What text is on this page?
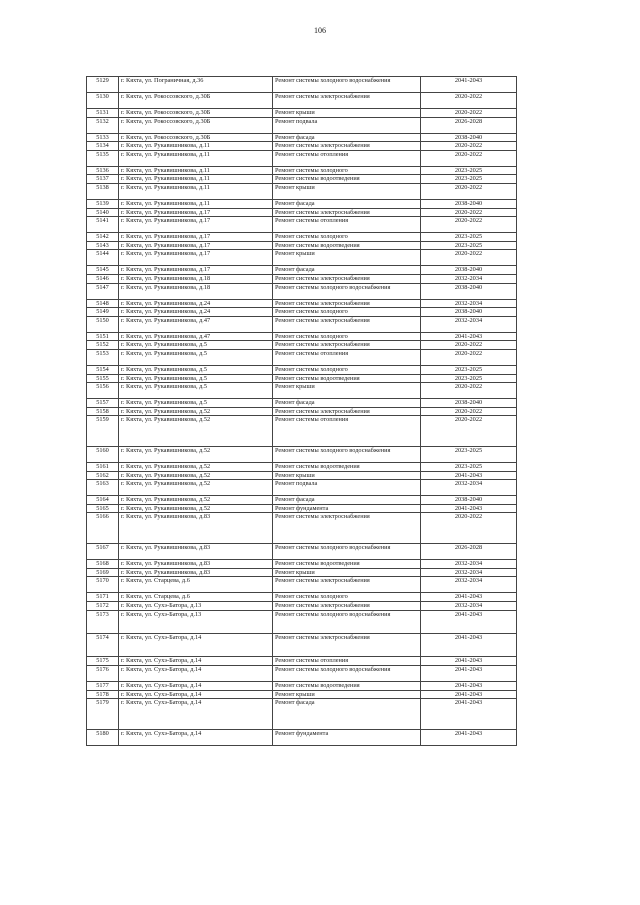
106
5129	г. Кяхта, ул. Пограничная, д.36	Ремонт системы холодного водоснабжения	2041-2043
5130	г. Кяхта, ул. Рокоссовского, д.30Б	Ремонт системы электроснабжения	2020-2022
5131	г. Кяхта, ул. Рокоссовского, д.30Б	Ремонт крыши	2020-2022
5132	г. Кяхта, ул. Рокоссовского, д.30Б	Ремонт подвала	2026-2028
5133	г. Кяхта, ул. Рокоссовского, д.30Б	Ремонт фасада	2038-2040
5134	г. Кяхта, ул. Рукавишникова, д.11	Ремонт системы электроснабжения	2020-2022
5135	г. Кяхта, ул. Рукавишникова, д.11	Ремонт системы отопления	2020-2022
5136	г. Кяхта, ул. Рукавишникова, д.11	Ремонт системы холодного	2023-2025
5137	г. Кяхта, ул. Рукавишникова, д.11	Ремонт системы водоотведения	2023-2025
5138	г. Кяхта, ул. Рукавишникова, д.11	Ремонт крыши	2020-2022
5139	г. Кяхта, ул. Рукавишникова, д.11	Ремонт фасада	2038-2040
5140	г. Кяхта, ул. Рукавишникова, д.17	Ремонт системы электроснабжения	2020-2022
5141	г. Кяхта, ул. Рукавишникова, д.17	Ремонт системы отопления	2020-2022
5142	г. Кяхта, ул. Рукавишникова, д.17	Ремонт системы холодного	2023-2025
5143	г. Кяхта, ул. Рукавишникова, д.17	Ремонт системы водоотведения	2023-2025
5144	г. Кяхта, ул. Рукавишникова, д.17	Ремонт крыши	2020-2022
5145	г. Кяхта, ул. Рукавишникова, д.17	Ремонт фасада	2038-2040
5146	г. Кяхта, ул. Рукавишникова, д.18	Ремонт системы электроснабжения	2032-2034
5147	г. Кяхта, ул. Рукавишникова, д.18	Ремонт системы холодного водоснабжения	2038-2040
5148	г. Кяхта, ул. Рукавишникова, д.24	Ремонт системы электроснабжения	2032-2034
5149	г. Кяхта, ул. Рукавишникова, д.24	Ремонт системы холодного	2038-2040
5150	г. Кяхта, ул. Рукавишникова, д.47	Ремонт системы электроснабжения	2032-2034
5151	г. Кяхта, ул. Рукавишникова, д.47	Ремонт системы холодного	2041-2043
5152	г. Кяхта, ул. Рукавишникова, д.5	Ремонт системы электроснабжения	2020-2022
5153	г. Кяхта, ул. Рукавишникова, д.5	Ремонт системы отопления	2020-2022
5154	г. Кяхта, ул. Рукавишникова, д.5	Ремонт системы холодного	2023-2025
5155	г. Кяхта, ул. Рукавишникова, д.5	Ремонт системы водоотведения	2023-2025
5156	г. Кяхта, ул. Рукавишникова, д.5	Ремонт крыши	2020-2022
5157	г. Кяхта, ул. Рукавишникова, д.5	Ремонт фасада	2038-2040
5158	г. Кяхта, ул. Рукавишникова, д.52	Ремонт системы электроснабжения	2020-2022
5159	г. Кяхта, ул. Рукавишникова, д.52	Ремонт системы отопления	2020-2022
5160	г. Кяхта, ул. Рукавишникова, д.52	Ремонт системы холодного водоснабжения	2023-2025
5161	г. Кяхта, ул. Рукавишникова, д.52	Ремонт системы водоотведения	2023-2025
5162	г. Кяхта, ул. Рукавишникова, д.52	Ремонт крыши	2041-2043
5163	г. Кяхта, ул. Рукавишникова, д.52	Ремонт подвала	2032-2034
5164	г. Кяхта, ул. Рукавишникова, д.52	Ремонт фасада	2038-2040
5165	г. Кяхта, ул. Рукавишникова, д.52	Ремонт фундамента	2041-2043
5166	г. Кяхта, ул. Рукавишникова, д.83	Ремонт системы электроснабжения	2020-2022
5167	г. Кяхта, ул. Рукавишникова, д.83	Ремонт системы холодного водоснабжения	2026-2028
5168	г. Кяхта, ул. Рукавишникова, д.83	Ремонт системы водоотведения	2032-2034
5169	г. Кяхта, ул. Рукавишникова, д.83	Ремонт крыши	2032-2034
5170	г. Кяхта, ул. Старцева, д.6	Ремонт системы электроснабжения	2032-2034
5171	г. Кяхта, ул. Старцева, д.6	Ремонт системы холодного	2041-2043
5172	г. Кяхта, ул. Сухэ-Батора, д.13	Ремонт системы электроснабжения	2032-2034
5173	г. Кяхта, ул. Сухэ-Батора, д.13	Ремонт системы холодного водоснабжения	2041-2043
5174	г. Кяхта, ул. Сухэ-Батора, д.14	Ремонт системы электроснабжения	2041-2043
5175	г. Кяхта, ул. Сухэ-Батора, д.14	Ремонт системы отопления	2041-2043
5176	г. Кяхта, ул. Сухэ-Батора, д.14	Ремонт системы холодного водоснабжения	2041-2043
5177	г. Кяхта, ул. Сухэ-Батора, д.14	Ремонт системы водоотведения	2041-2043
5178	г. Кяхта, ул. Сухэ-Батора, д.14	Ремонт крыши	2041-2043
5179	г. Кяхта, ул. Сухэ-Батора, д.14	Ремонт фасада	2041-2043
5180	г. Кяхта, ул. Сухэ-Батора, д.14	Ремонт фундамента	2041-2043
